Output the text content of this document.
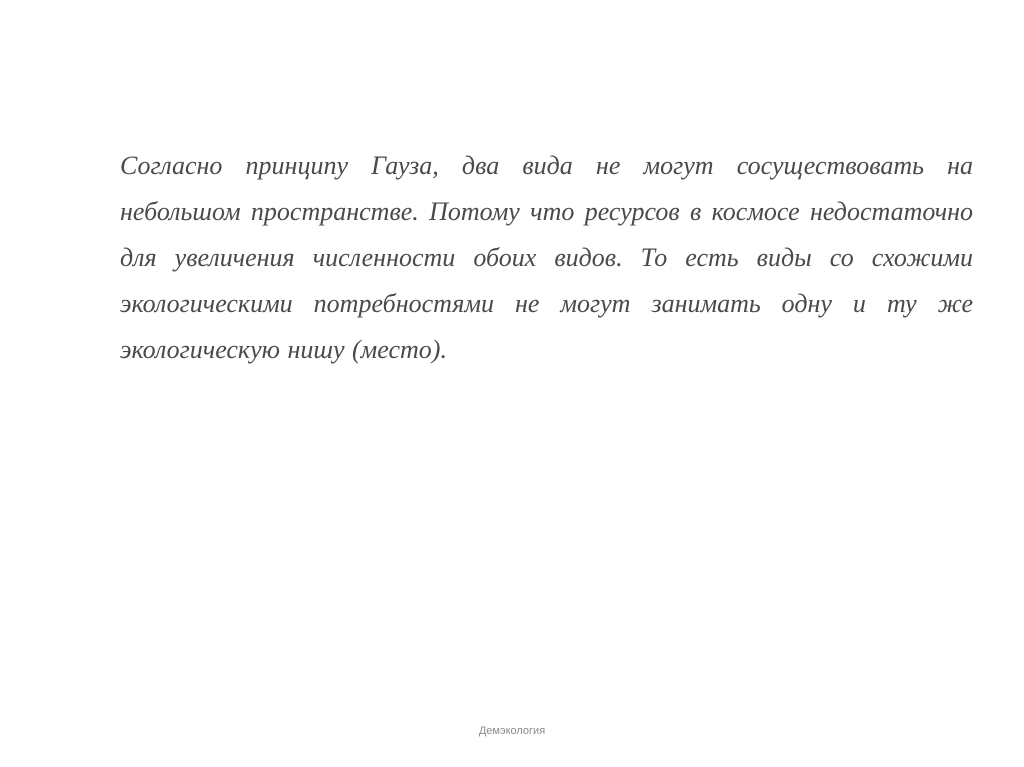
Согласно принципу Гауза, два вида не могут сосуществовать на небольшом пространстве. Потому что ресурсов в космосе недостаточно для увеличения численности обоих видов. То есть виды со схожими экологическими потребностями не могут занимать одну и ту же экологическую нишу (место).

Демэкология
